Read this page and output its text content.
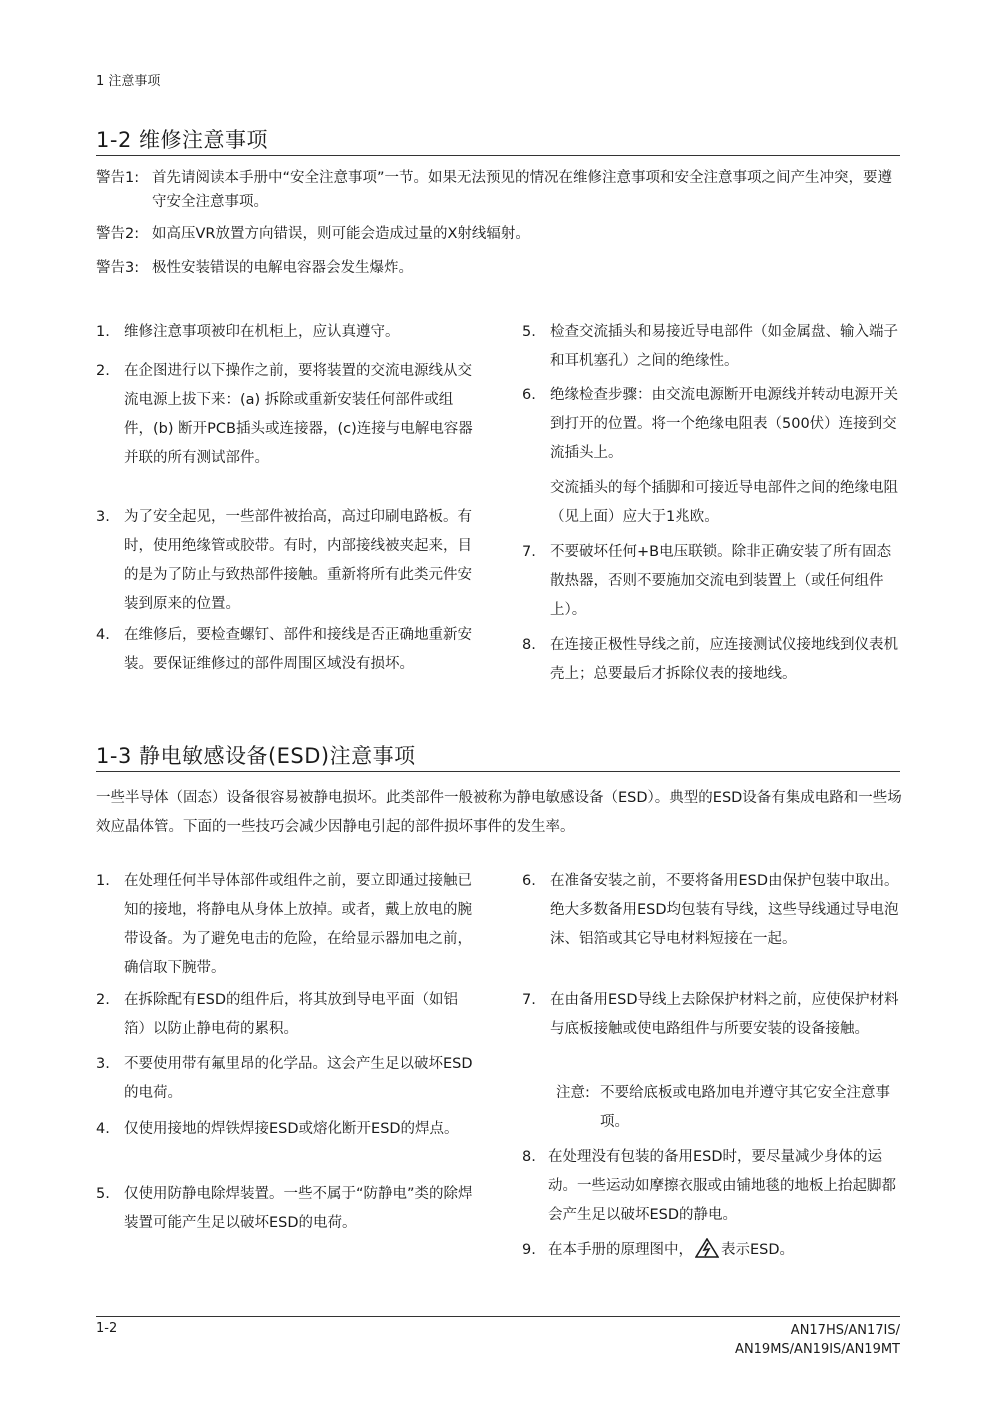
1 注意事项
1-2 维修注意事项
警告1: 首先请阅读本手册中“安全注意事项”一节。如果无法预见的情况在维修注意事项和安全注意事项之间产生冲突，要遵守安全注意事项。
警告2: 如高压VR放置方向错误，则可能会造成过量的X射线辐射。
警告3: 极性安装错误的电解电容器会发生爆炸。
1. 维修注意事项被印在机柜上，应认真遵守。
2. 在企图进行以下操作之前，要将装置的交流电源线从交流电源上拔下来：(a) 拆除或重新安装任何部件或组件，(b) 断开PCB插头或连接器，(c)连接与电解电容器并联的所有测试部件。
3. 为了安全起见，一些部件被抬高，高过印刷电路板。有时，使用绝缘管或胶带。有时，内部接线被夹起来，目的是为了防止与致热部件接触。重新将所有此类元件安装到原来的位置。
4. 在维修后，要检查螺钉、部件和接线是否正确地重新安装。要保证维修过的部件周围区域没有损坏。
5. 检查交流插头和易接近导电部件（如金属盘、输入端子和耳机塞孔）之间的绝缘性。
6. 绝缘检查步骤：由交流电源断开电源线并转动电源开关到打开的位置。将一个绝缘电阻表（500伏）连接到交流插头上。
交流插头的每个插脚和可接近导电部件之间的绝缘电阻（见上面）应大于1兆欧。
7. 不要破坏任何+B电压联锁。除非正确安装了所有固态散热器，否则不要施加交流电到装置上（或任何组件上）。
8. 在连接正极性导线之前，应连接测试仪接地线到仪表机壳上；总要最后才拆除仪表的接地线。
1-3 静电敏感设备(ESD)注意事项
一些半导体（固态）设备很容易被静电损坏。此类部件一般被称为静电敏感设备（ESD）。典型的ESD设备有集成电路和一些场效应晶体管。下面的一些技巧会减少因静电引起的部件损坏事件的发生率。
1. 在处理任何半导体部件或组件之前，要立即通过接触已知的接地，将静电从身体上放掉。或者，戴上放电的腕带设备。为了避免电击的危险，在给显示器加电之前，确信取下腕带。
2. 在拆除配有ESD的组件后，将其放到导电平面（如铝箔）以防止静电荷的累积。
3. 不要使用带有氟里昂的化学品。这会产生足以破坏ESD的电荷。
4. 仅使用接地的焊铁焊接ESD或熔化断开ESD的焊点。
5. 仅使用防静电除焊装置。一些不属于“防静电”类的除焊装置可能产生足以破坏ESD的电荷。
6. 在准备安装之前，不要将备用ESD由保护包装中取出。绝大多数备用ESD均包装有导线，这些导线通过导电泡沫、铝箔或其它导电材料短接在一起。
7. 在由备用ESD导线上去除保护材料之前，应使保护材料与底板接触或使电路组件与所要安装的设备接触。
注意: 不要给底板或电路加电并遵守其它安全注意事项。
8. 在处理没有包装的备用ESD时，要尽量减少身体的运动。一些运动如摩擦衣服或由铺地毯的地板上抬起脚都会产生足以破坏ESD的静电。
9. 在本手册的原理图中， 表示ESD。
1-2	AN17HS/AN17IS/
AN19MS/AN19IS/AN19MT
